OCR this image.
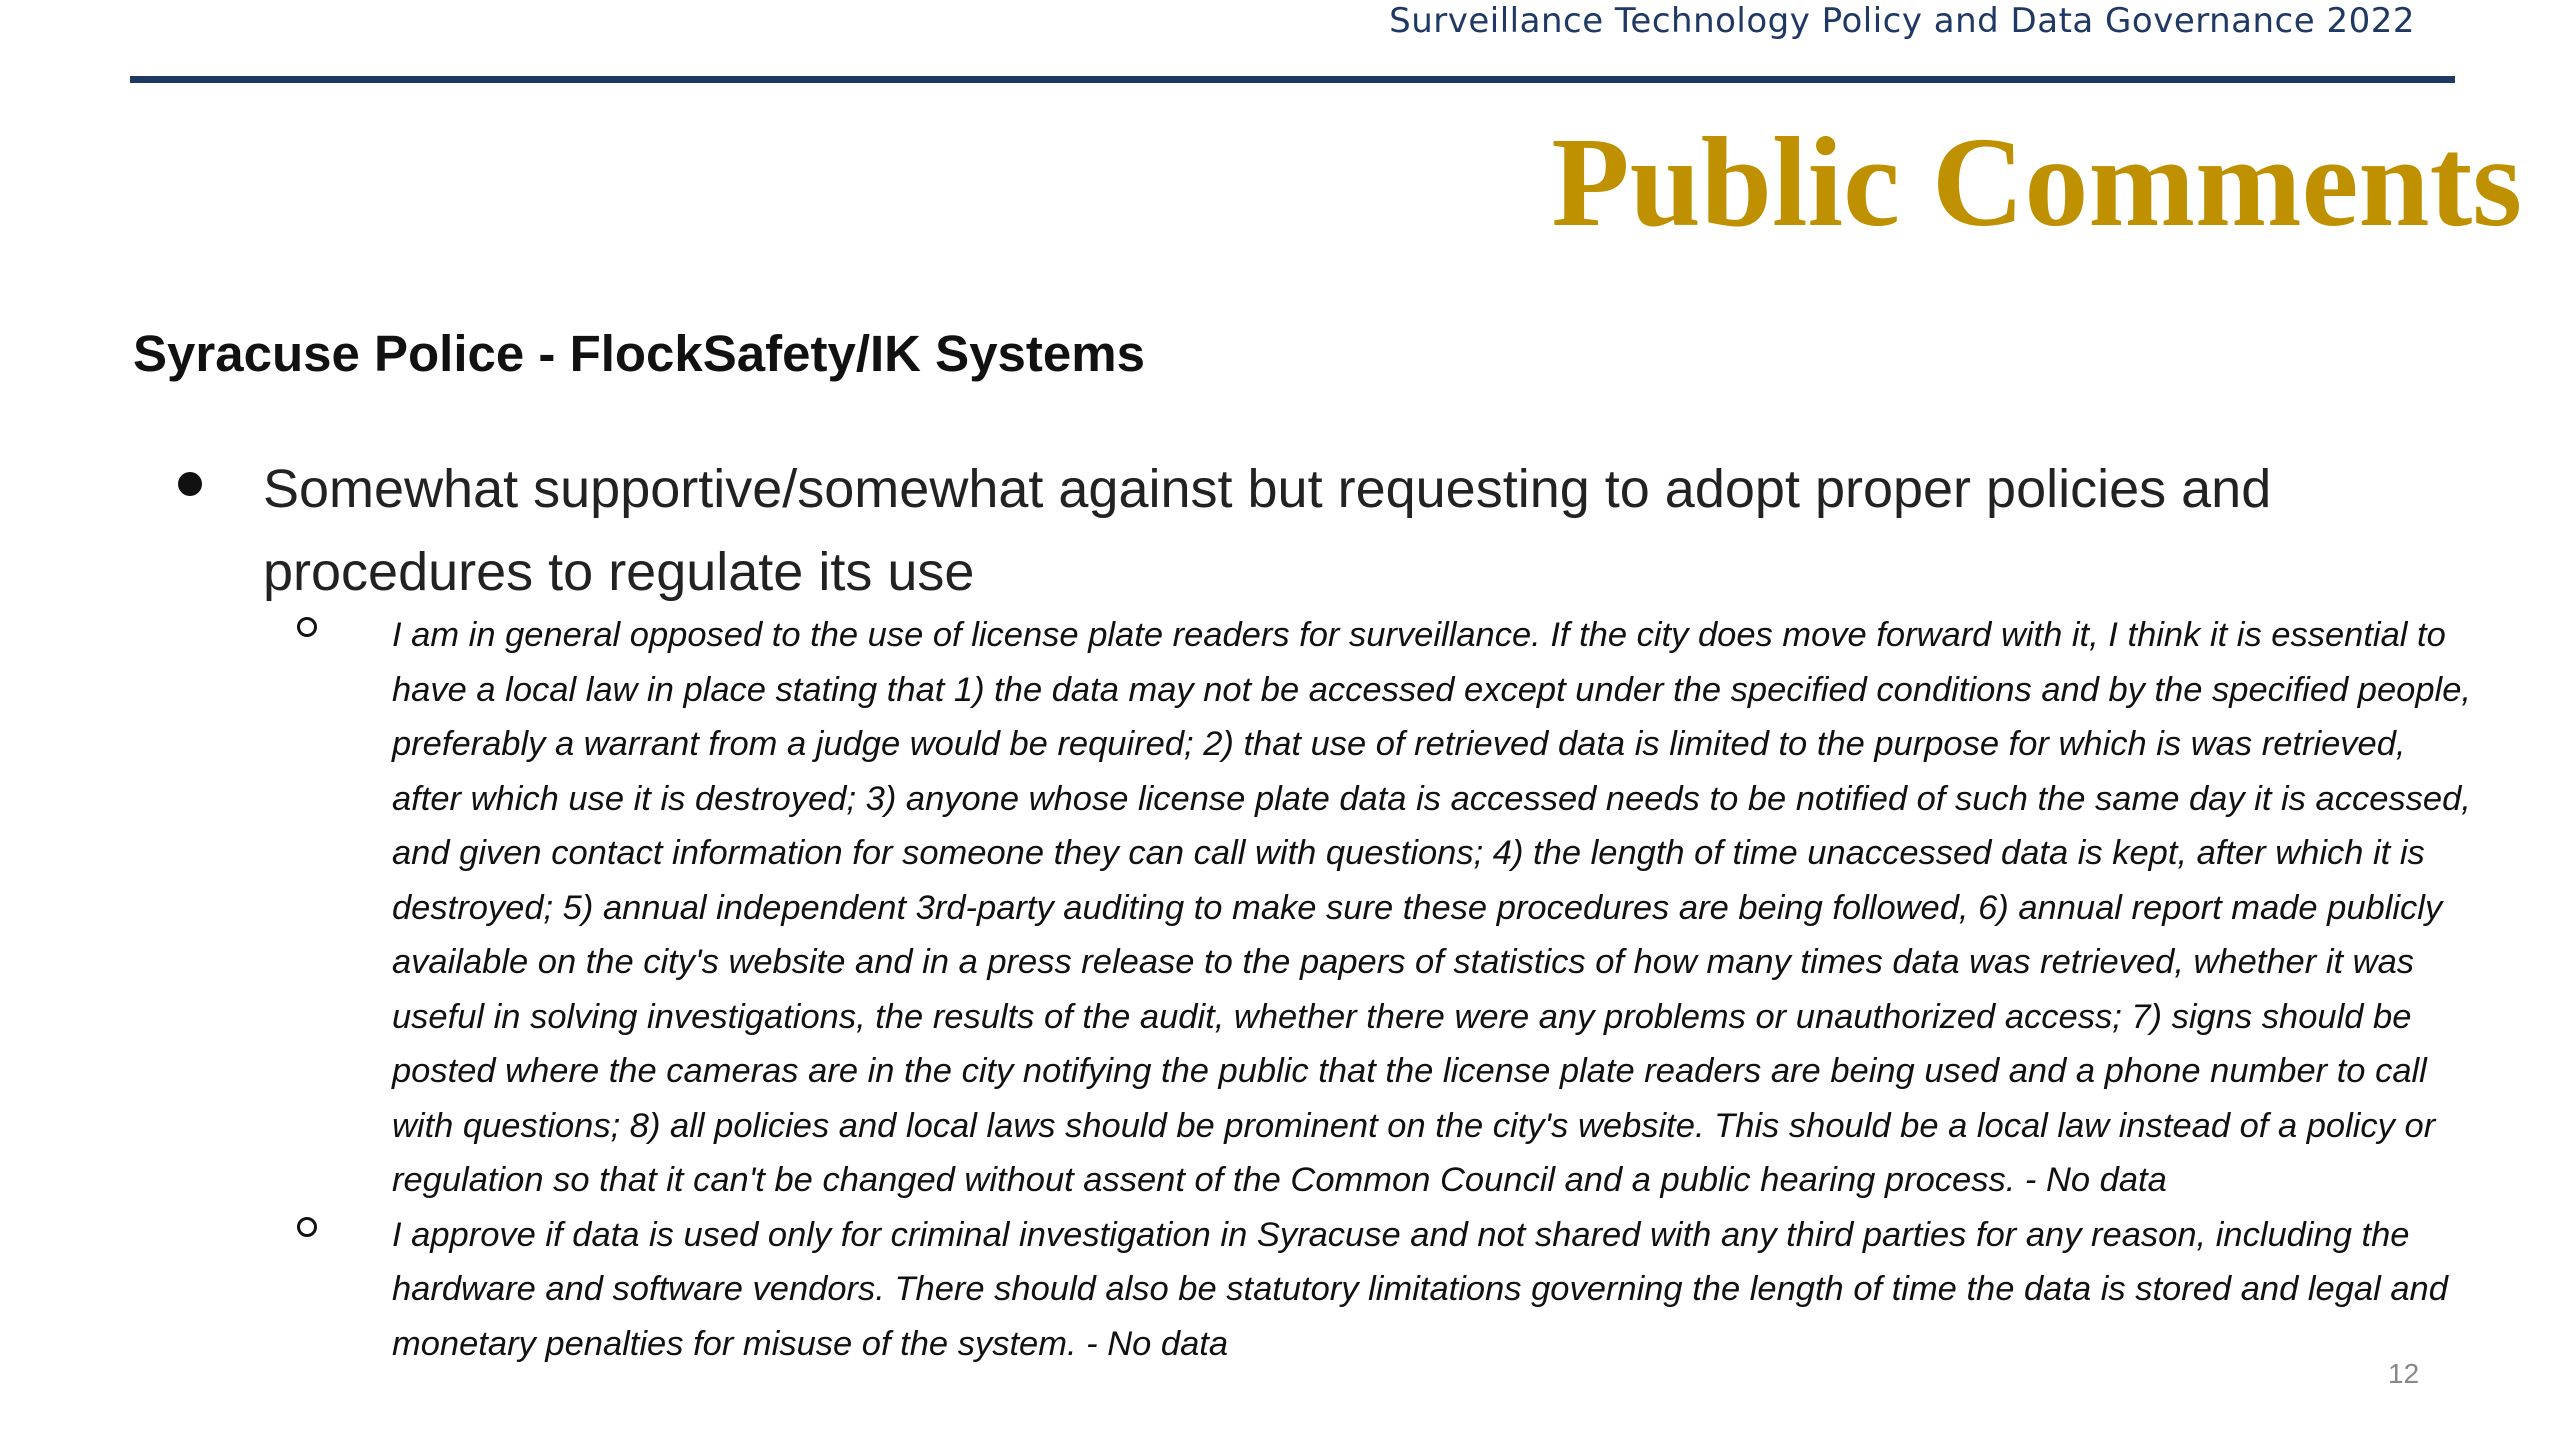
Surveillance Technology Policy and Data Governance 2022
Public Comments
Syracuse Police - FlockSafety/IK Systems
Somewhat supportive/somewhat against but requesting to adopt proper policies and procedures to regulate its use
I am in general opposed to the use of license plate readers for surveillance. If the city does move forward with it, I think it is essential to have a local law in place stating that 1) the data may not be accessed except under the specified conditions and by the specified people, preferably a warrant from a judge would be required; 2) that use of retrieved data is limited to the purpose for which is was retrieved, after which use it is destroyed; 3) anyone whose license plate data is accessed needs to be notified of such the same day it is accessed, and given contact information for someone they can call with questions; 4) the length of time unaccessed data is kept, after which it is destroyed; 5) annual independent 3rd-party auditing to make sure these procedures are being followed, 6) annual report made publicly available on the city's website and in a press release to the papers of statistics of how many times data was retrieved, whether it was useful in solving investigations, the results of the audit, whether there were any problems or unauthorized access; 7) signs should be posted where the cameras are in the city notifying the public that the license plate readers are being used and a phone number to call with questions; 8) all policies and local laws should be prominent on the city's website. This should be a local law instead of a policy or regulation so that it can't be changed without assent of the Common Council and a public hearing process. - No data
I approve if data is used only for criminal investigation in Syracuse and not shared with any third parties for any reason, including the hardware and software vendors. There should also be statutory limitations governing the length of time the data is stored and legal and monetary penalties for misuse of the system. - No data
12
